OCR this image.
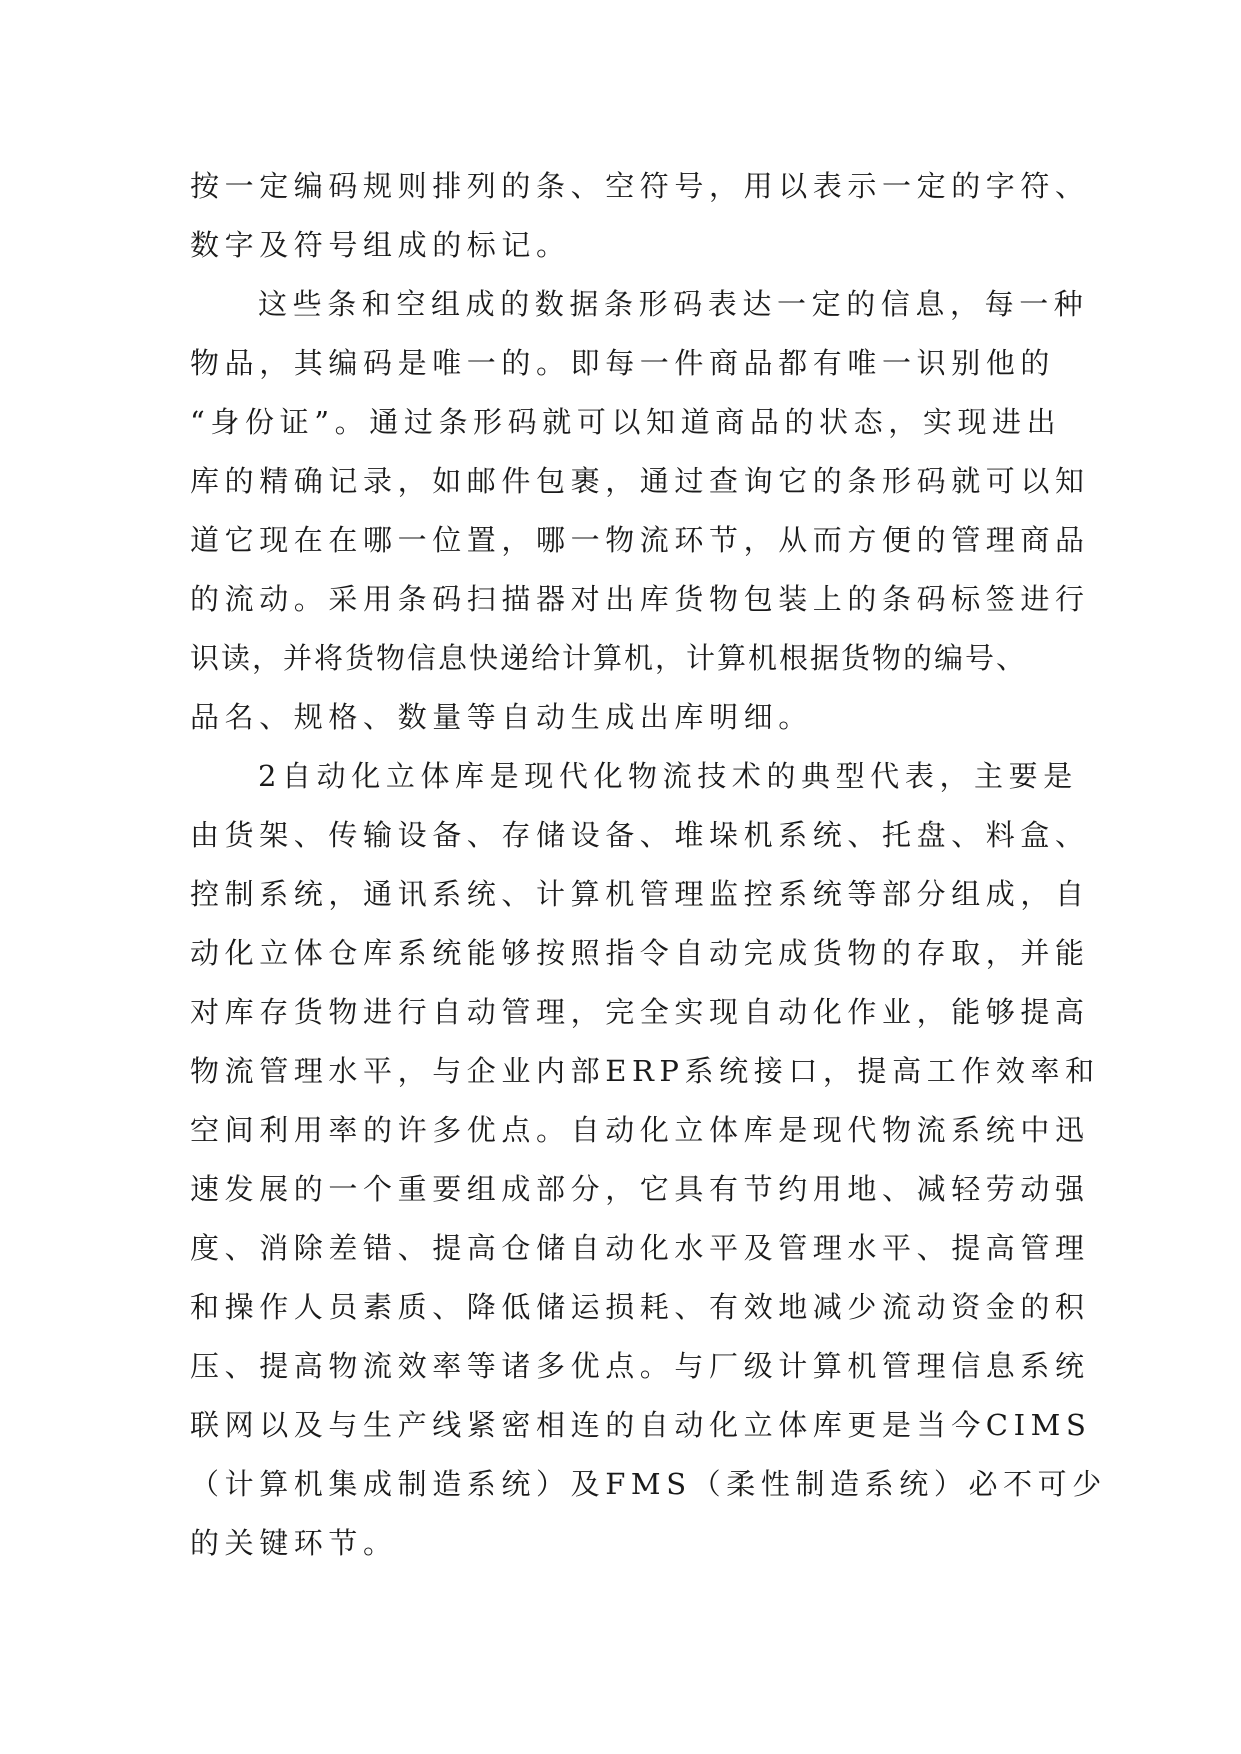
按一定编码规则排列的条、空符号，用以表示一定的字符、
数字及符号组成的标记。
这些条和空组成的数据条形码表达一定的信息，每一种
物品，其编码是唯一的。即每一件商品都有唯一识别他的
“身份证”。通过条形码就可以知道商品的状态，实现进出
库的精确记录，如邮件包裹，通过查询它的条形码就可以知
道它现在在哪一位置，哪一物流环节，从而方便的管理商品
的流动。采用条码扫描器对出库货物包装上的条码标签进行
识读，并将货物信息快递给计算机，计算机根据货物的编号、
品名、规格、数量等自动生成出库明细。
2自动化立体库是现代化物流技术的典型代表，主要是
由货架、传输设备、存储设备、堆垛机系统、托盘、料盒、
控制系统，通讯系统、计算机管理监控系统等部分组成，自
动化立体仓库系统能够按照指令自动完成货物的存取，并能
对库存货物进行自动管理，完全实现自动化作业，能够提高
物流管理水平，与企业内部ERP系统接口，提高工作效率和
空间利用率的许多优点。自动化立体库是现代物流系统中迅
速发展的一个重要组成部分，它具有节约用地、减轻劳动强
度、消除差错、提高仓储自动化水平及管理水平、提高管理
和操作人员素质、降低储运损耗、有效地减少流动资金的积
压、提高物流效率等诸多优点。与厂级计算机管理信息系统
联网以及与生产线紧密相连的自动化立体库更是当今CIMS
（计算机集成制造系统）及FMS（柔性制造系统）必不可少
的关键环节。
